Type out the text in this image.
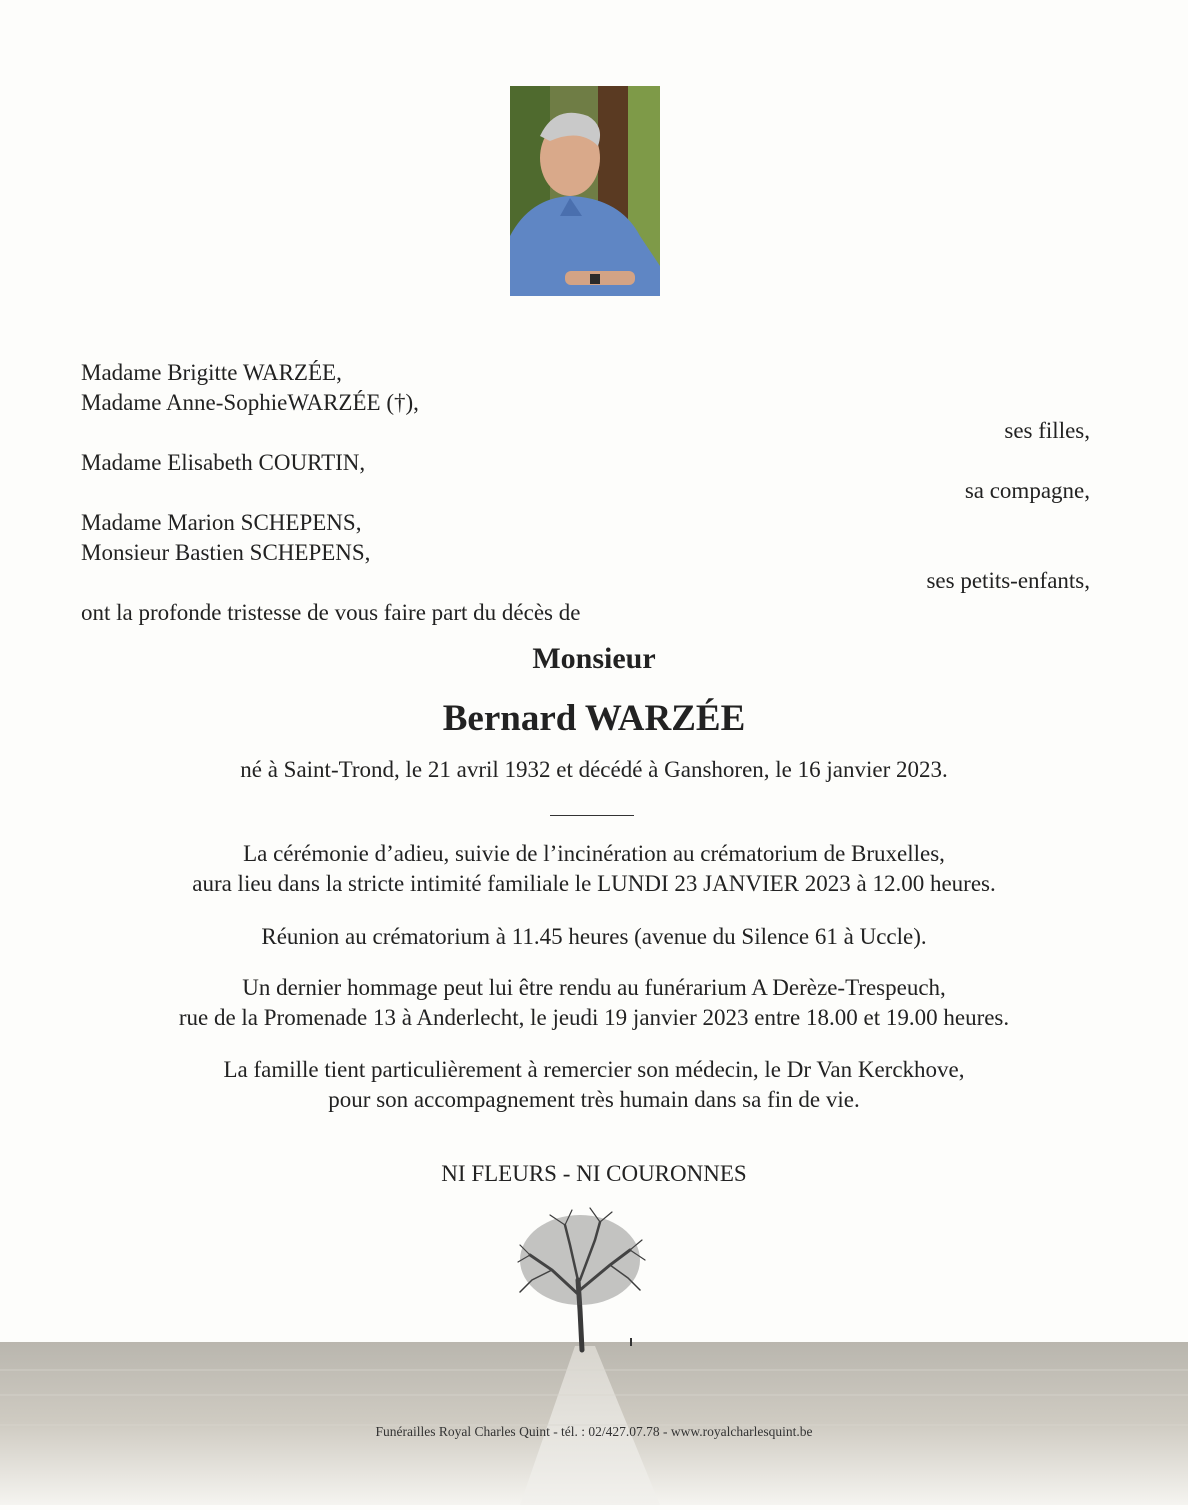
Madame Brigitte WARZÉE,
Madame Anne-SophieWARZÉE (†),
Madame Elisabeth COURTIN,
Madame Marion SCHEPENS,
Monsieur Bastien SCHEPENS,
ses filles,
sa compagne,
ses petits-enfants,
ont la profonde tristesse de vous faire part du décès de
Monsieur
Bernard WARZÉE
né à Saint-Trond, le 21 avril 1932 et décédé à Ganshoren, le 16 janvier 2023.
La cérémonie d’adieu, suivie de l’incinération au crématorium de Bruxelles,
aura lieu dans la stricte intimité familiale le LUNDI 23 JANVIER 2023 à 12.00 heures.
Réunion au crématorium à 11.45 heures (avenue du Silence 61 à Uccle).
Un dernier hommage peut lui être rendu au funérarium A Derèze-Trespeuch,
rue de la Promenade 13 à Anderlecht, le jeudi 19 janvier 2023 entre 18.00 et 19.00 heures.
La famille tient particulièrement à remercier son médecin, le Dr Van Kerckhove,
pour son accompagnement très humain dans sa fin de vie.
NI FLEURS - NI COURONNES
Funérailles Royal Charles Quint - tél. : 02/427.07.78 - www.royalcharlesquint.be
